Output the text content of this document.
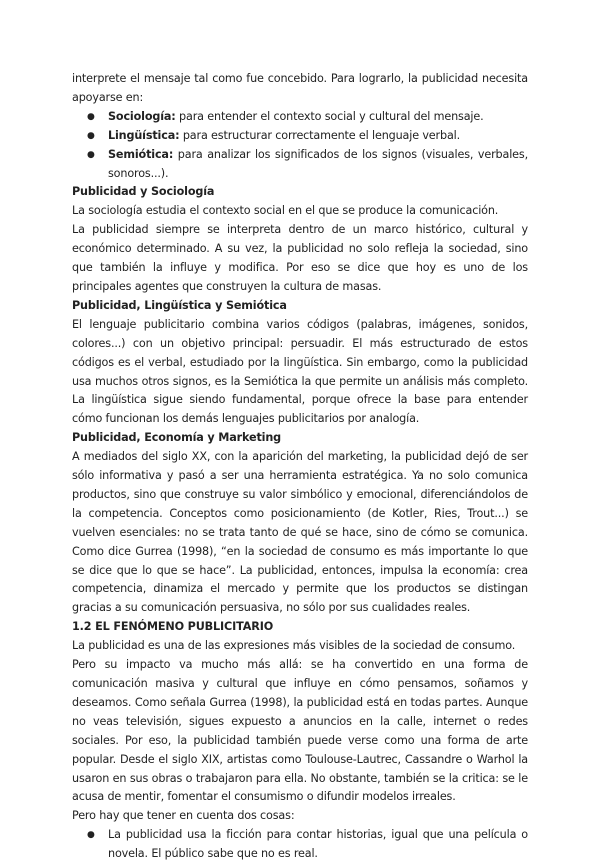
interprete el mensaje tal como fue concebido. Para lograrlo, la publicidad necesita apoyarse en:

● Sociología: para entender el contexto social y cultural del mensaje.
● Lingüística: para estructurar correctamente el lenguaje verbal.
● Semiótica: para analizar los significados de los signos (visuales, verbales, sonoros...).
Publicidad y Sociología

La sociología estudia el contexto social en el que se produce la comunicación.

La publicidad siempre se interpreta dentro de un marco histórico, cultural y económico determinado. A su vez, la publicidad no solo refleja la sociedad, sino que también la influye y modifica. Por eso se dice que hoy es uno de los principales agentes que construyen la cultura de masas.

Publicidad, Lingüística y Semiótica

El lenguaje publicitario combina varios códigos (palabras, imágenes, sonidos, colores...) con un objetivo principal: persuadir. El más estructurado de estos códigos es el verbal, estudiado por la lingüística. Sin embargo, como la publicidad usa muchos otros signos, es la Semiótica la que permite un análisis más completo. La lingüística sigue siendo fundamental, porque ofrece la base para entender cómo funcionan los demás lenguajes publicitarios por analogía.

Publicidad, Economía y Marketing

A mediados del siglo XX, con la aparición del marketing, la publicidad dejó de ser sólo informativa y pasó a ser una herramienta estratégica. Ya no solo comunica productos, sino que construye su valor simbólico y emocional, diferenciándolos de la competencia. Conceptos como posicionamiento (de Kotler, Ries, Trout...) se vuelven esenciales: no se trata tanto de qué se hace, sino de cómo se comunica. Como dice Gurrea (1998), “en la sociedad de consumo es más importante lo que se dice que lo que se hace”. La publicidad, entonces, impulsa la economía: crea competencia, dinamiza el mercado y permite que los productos se distingan gracias a su comunicación persuasiva, no sólo por sus cualidades reales.

1.2 EL FENÓMENO PUBLICITARIO

La publicidad es una de las expresiones más visibles de la sociedad de consumo.

Pero su impacto va mucho más allá: se ha convertido en una forma de comunicación masiva y cultural que influye en cómo pensamos, soñamos y deseamos. Como señala Gurrea (1998), la publicidad está en todas partes. Aunque no veas televisión, sigues expuesto a anuncios en la calle, internet o redes sociales. Por eso, la publicidad también puede verse como una forma de arte popular. Desde el siglo XIX, artistas como Toulouse-Lautrec, Cassandre o Warhol la usaron en sus obras o trabajaron para ella. No obstante, también se la critica: se le acusa de mentir, fomentar el consumismo o difundir modelos irreales.

Pero hay que tener en cuenta dos cosas:

● La publicidad usa la ficción para contar historias, igual que una película o novela. El público sabe que no es real.
